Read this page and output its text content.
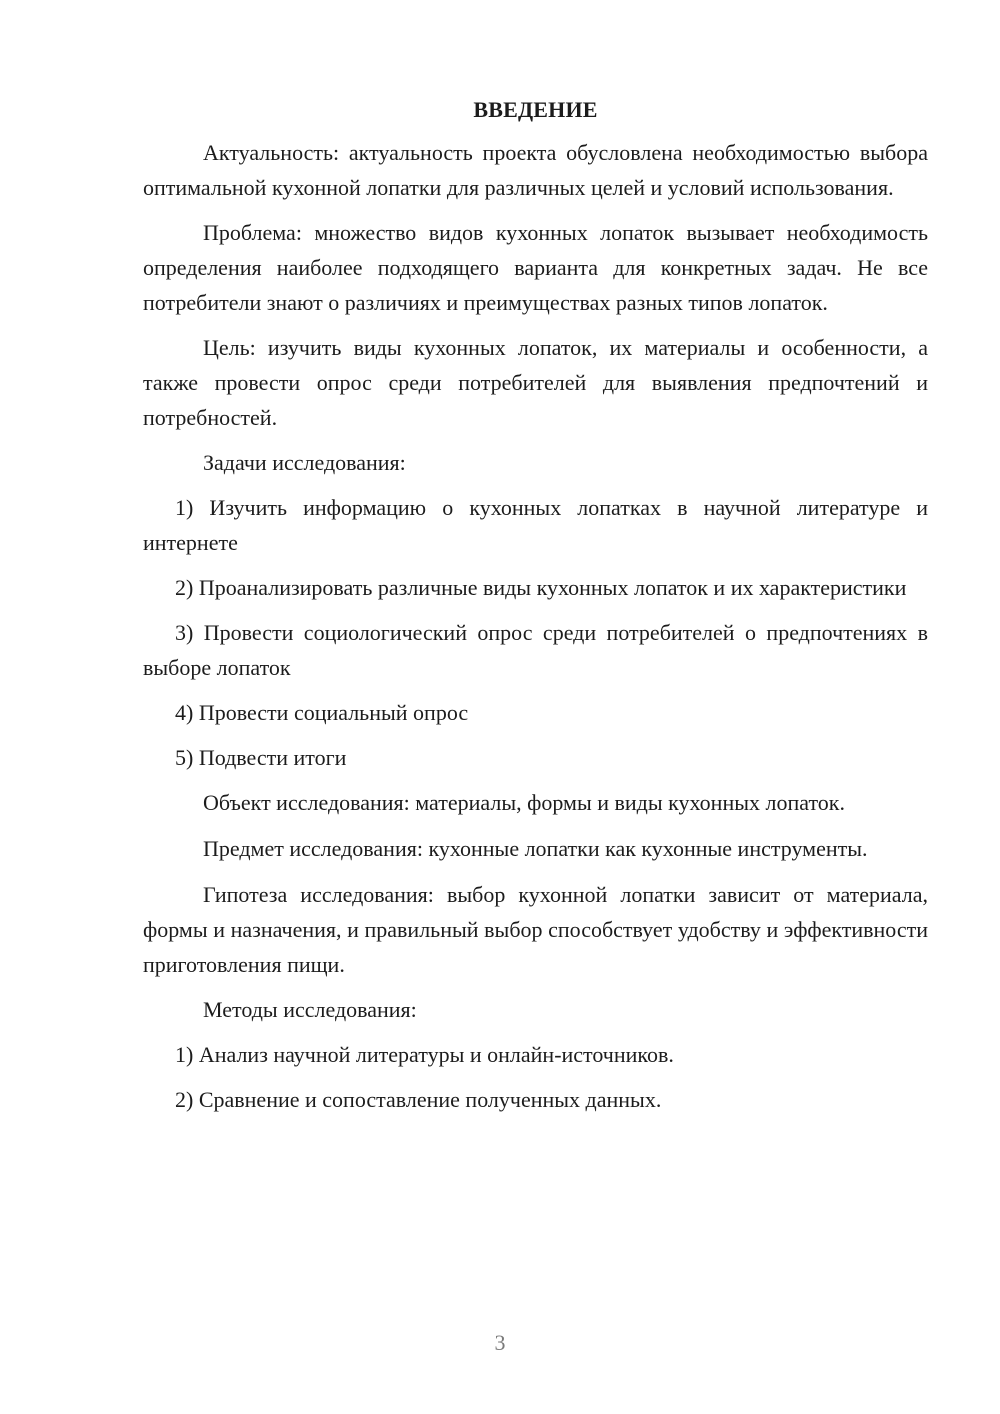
ВВЕДЕНИЕ

Актуальность: актуальность проекта обусловлена необходимостью выбора оптимальной кухонной лопатки для различных целей и условий использования.

Проблема: множество видов кухонных лопаток вызывает необходимость определения наиболее подходящего варианта для конкретных задач. Не все потребители знают о различиях и преимуществах разных типов лопаток.

Цель: изучить виды кухонных лопаток, их материалы и особенности, а также провести опрос среди потребителей для выявления предпочтений и потребностей.

Задачи исследования:

1) Изучить информацию о кухонных лопатках в научной литературе и интернете

2) Проанализировать различные виды кухонных лопаток и их характеристики

3) Провести социологический опрос среди потребителей о предпочтениях в выборе лопаток

4) Провести социальный опрос

5) Подвести итоги

Объект исследования: материалы, формы и виды кухонных лопаток.

Предмет исследования: кухонные лопатки как кухонные инструменты.

Гипотеза исследования: выбор кухонной лопатки зависит от материала, формы и назначения, и правильный выбор способствует удобству и эффективности приготовления пищи.

Методы исследования:

1) Анализ научной литературы и онлайн-источников.

2) Сравнение и сопоставление полученных данных.

3
